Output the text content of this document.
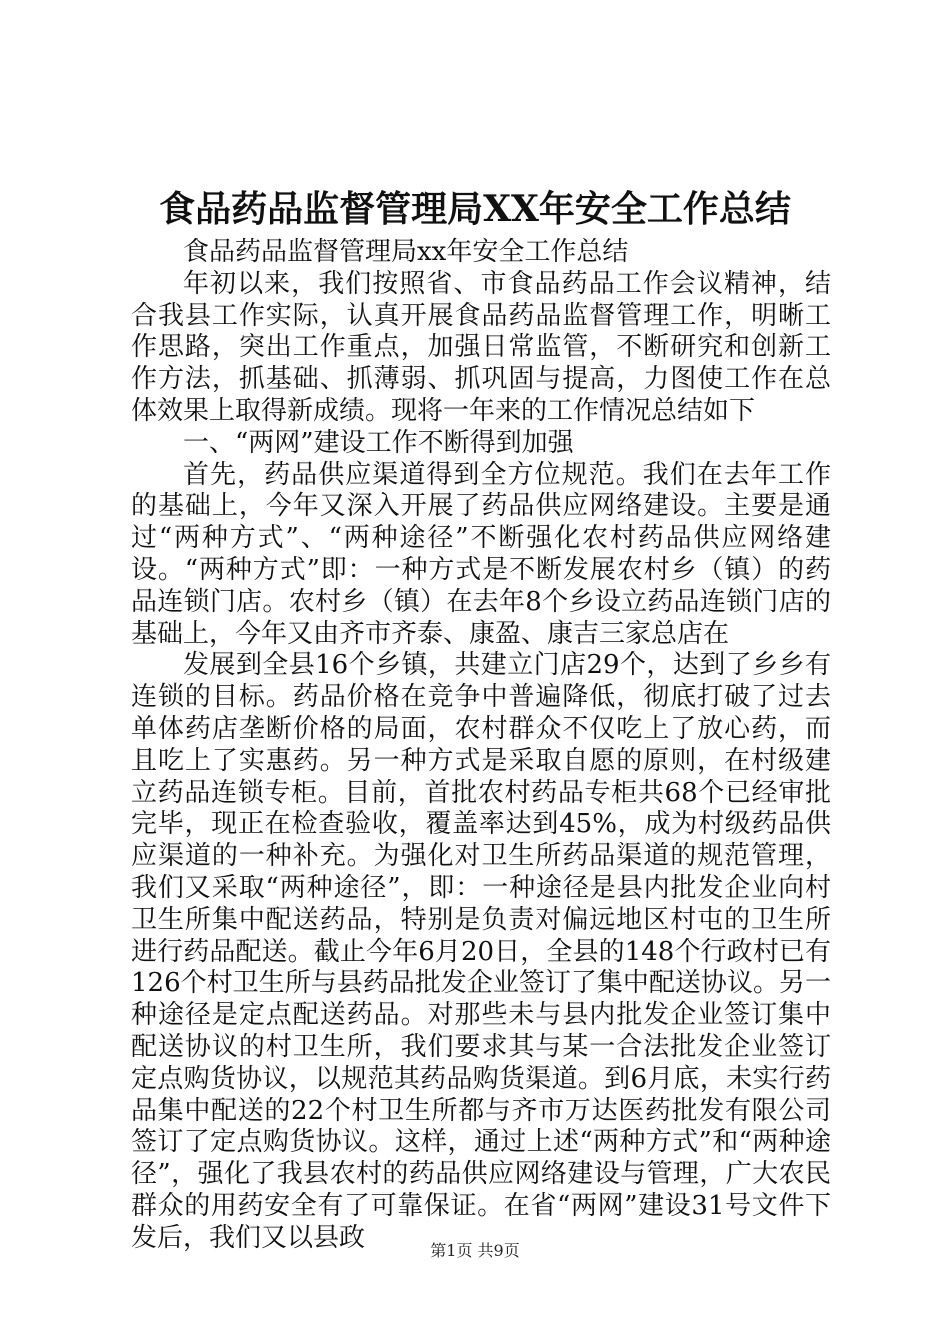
食品药品监督管理局XX年安全工作总结

食品药品监督管理局xx年安全工作总结

年初以来，我们按照省、市食品药品工作会议精神，结合我县工作实际，认真开展食品药品监督管理工作，明晰工作思路，突出工作重点，加强日常监管，不断研究和创新工作方法，抓基础、抓薄弱、抓巩固与提高，力图使工作在总体效果上取得新成绩。现将一年来的工作情况总结如下

一、“两网”建设工作不断得到加强

首先，药品供应渠道得到全方位规范。我们在去年工作的基础上，今年又深入开展了药品供应网络建设。主要是通过“两种方式”、“两种途径”不断强化农村药品供应网络建设。“两种方式”即：一种方式是不断发展农村乡（镇）的药品连锁门店。农村乡（镇）在去年8个乡设立药品连锁门店的基础上，今年又由齐市齐泰、康盈、康吉三家总店在

发展到全县16个乡镇，共建立门店29个，达到了乡乡有连锁的目标。药品价格在竞争中普遍降低，彻底打破了过去单体药店垄断价格的局面，农村群众不仅吃上了放心药，而且吃上了实惠药。另一种方式是采取自愿的原则，在村级建立药品连锁专柜。目前，首批农村药品专柜共68个已经审批完毕，现正在检查验收，覆盖率达到45%，成为村级药品供应渠道的一种补充。为强化对卫生所药品渠道的规范管理，我们又采取“两种途径”，即：一种途径是县内批发企业向村卫生所集中配送药品，特别是负责对偏远地区村屯的卫生所进行药品配送。截止今年6月20日，全县的148个行政村已有126个村卫生所与县药品批发企业签订了集中配送协议。另一种途径是定点配送药品。对那些未与县内批发企业签订集中配送协议的村卫生所，我们要求其与某一合法批发企业签订定点购货协议，以规范其药品购货渠道。到6月底，未实行药品集中配送的22个村卫生所都与齐市万达医药批发有限公司签订了定点购货协议。这样，通过上述“两种方式”和“两种途径”，强化了我县农村的药品供应网络建设与管理，广大农民群众的用药安全有了可靠保证。在省“两网”建设31号文件下发后，我们又以县政	第1页 共9页
